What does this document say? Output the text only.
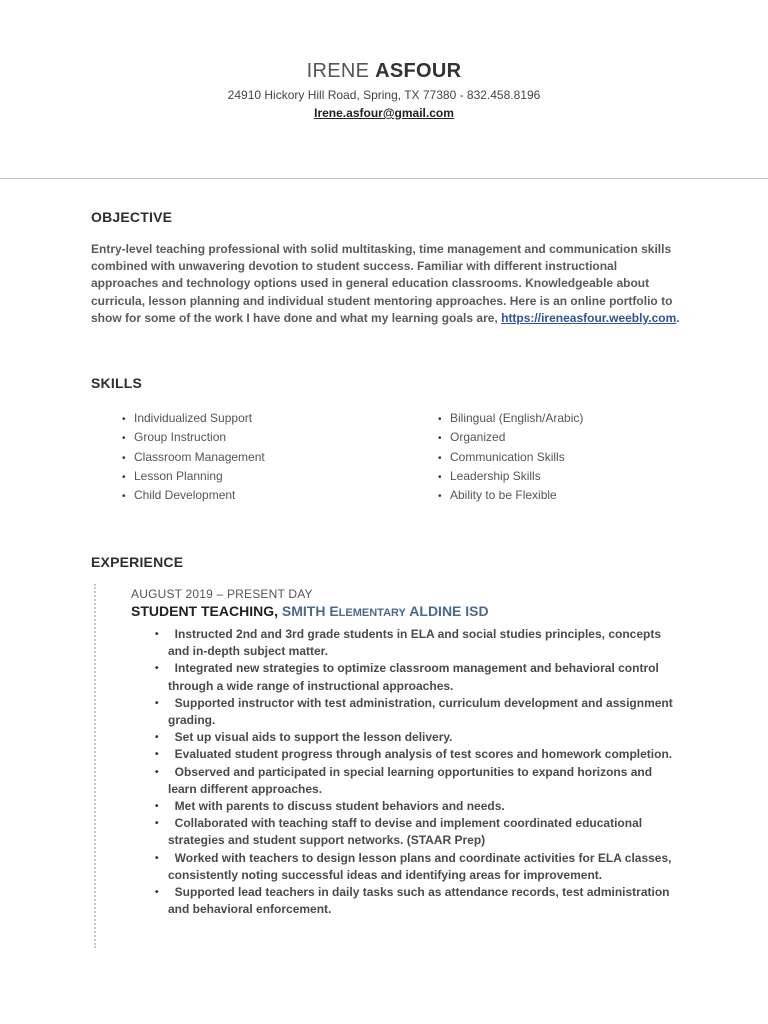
IRENE ASFOUR
24910 Hickory Hill Road, Spring, TX 77380 - 832.458.8196
Irene.asfour@gmail.com
OBJECTIVE
Entry-level teaching professional with solid multitasking, time management and communication skills combined with unwavering devotion to student success. Familiar with different instructional approaches and technology options used in general education classrooms. Knowledgeable about curricula, lesson planning and individual student mentoring approaches. Here is an online portfolio to show for some of the work I have done and what my learning goals are, https://ireneasfour.weebly.com.
SKILLS
• Individualized Support
• Group Instruction
• Classroom Management
• Lesson Planning
• Child Development
• Bilingual (English/Arabic)
• Organized
• Communication Skills
• Leadership Skills
• Ability to be Flexible
EXPERIENCE
AUGUST 2019 – PRESENT DAY
STUDENT TEACHING, SMITH ELEMENTARY ALDINE ISD
• Instructed 2nd and 3rd grade students in ELA and social studies principles, concepts and in-depth subject matter.
• Integrated new strategies to optimize classroom management and behavioral control through a wide range of instructional approaches.
• Supported instructor with test administration, curriculum development and assignment grading.
• Set up visual aids to support the lesson delivery.
• Evaluated student progress through analysis of test scores and homework completion.
• Observed and participated in special learning opportunities to expand horizons and learn different approaches.
• Met with parents to discuss student behaviors and needs.
• Collaborated with teaching staff to devise and implement coordinated educational strategies and student support networks. (STAAR Prep)
• Worked with teachers to design lesson plans and coordinate activities for ELA classes, consistently noting successful ideas and identifying areas for improvement.
• Supported lead teachers in daily tasks such as attendance records, test administration and behavioral enforcement.
